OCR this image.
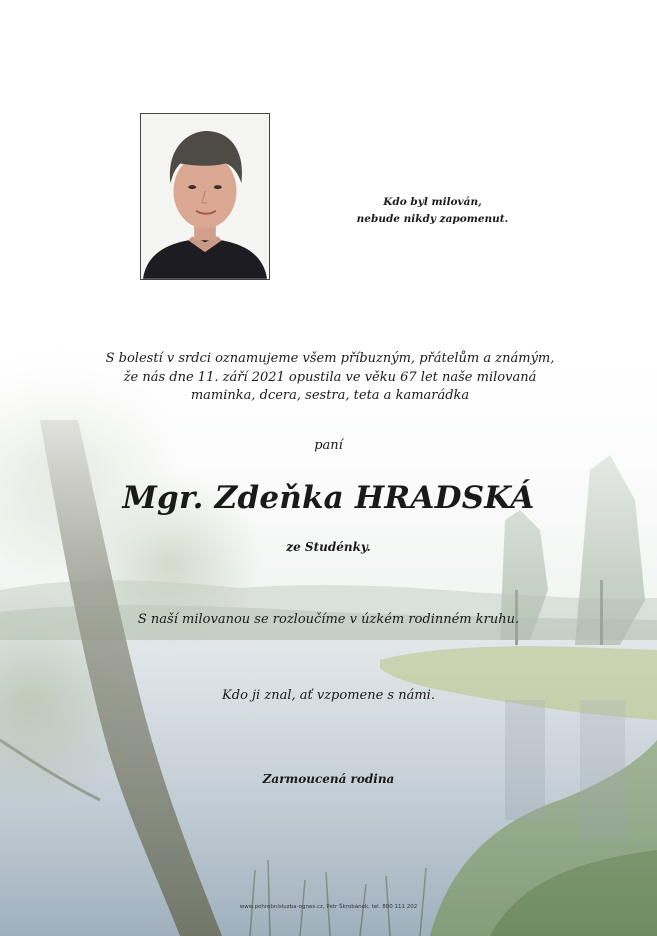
Kdo byl milován,
nebude nikdy zapomenut.
S bolestí v srdci oznamujeme všem příbuzným, přátelům a známým,
že nás dne 11. září 2021 opustila ve věku 67 let naše milovaná
maminka, dcera, sestra, teta a kamarádka
paní
Mgr. Zdeňka HRADSKÁ
ze Studénky.
S naší milovanou se rozloučíme v úzkém rodinném kruhu.
Kdo ji znal, ať vzpomene s námi.
Zarmoucená rodina
www.pohrebnisluzba-ognes.cz, Petr Škrobánek, tel. 800 111 202
